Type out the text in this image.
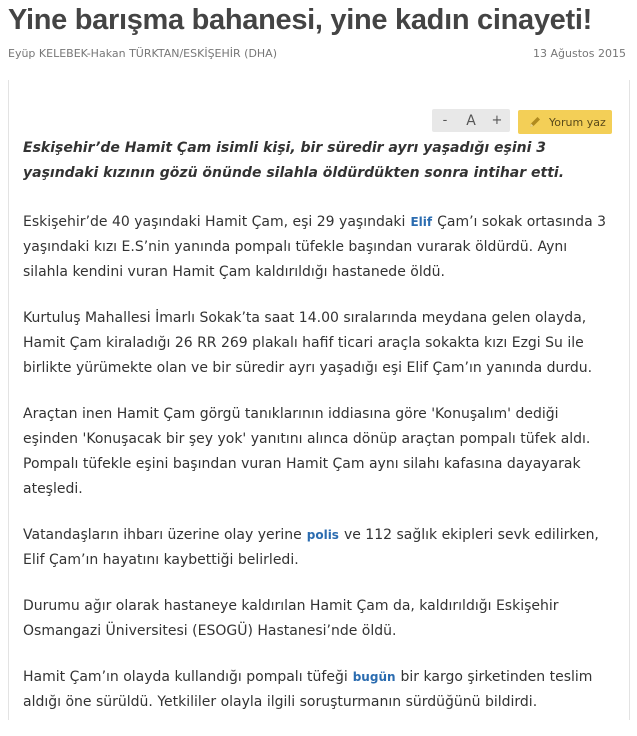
Yine barışma bahanesi, yine kadın cinayeti!
Eyüp KELEBEK-Hakan TÜRKTAN/ESKİŞEHİR (DHA)	13 Ağustos 2015
-	A	+	Yorum yaz

Eskişehir’de Hamit Çam isimli kişi, bir süredir ayrı yaşadığı eşini 3 yaşındaki kızının gözü önünde silahla öldürdükten sonra intihar etti.

Eskişehir’de 40 yaşındaki Hamit Çam, eşi 29 yaşındaki Elif Çam’ı sokak ortasında 3 yaşındaki kızı E.S’nin yanında pompalı tüfekle başından vurarak öldürdü. Aynı silahla kendini vuran Hamit Çam kaldırıldığı hastanede öldü.

Kurtuluş Mahallesi İmarlı Sokak’ta saat 14.00 sıralarında meydana gelen olayda, Hamit Çam kiraladığı 26 RR 269 plakalı hafif ticari araçla sokakta kızı Ezgi Su ile birlikte yürümekte olan ve bir süredir ayrı yaşadığı eşi Elif Çam’ın yanında durdu.

Araçtan inen Hamit Çam görgü tanıklarının iddiasına göre 'Konuşalım' dediği eşinden 'Konuşacak bir şey yok' yanıtını alınca dönüp araçtan pompalı tüfek aldı. Pompalı tüfekle eşini başından vuran Hamit Çam aynı silahı kafasına dayayarak ateşledi.

Vatandaşların ihbarı üzerine olay yerine polis ve 112 sağlık ekipleri sevk edilirken, Elif Çam’ın hayatını kaybettiği belirledi.

Durumu ağır olarak hastaneye kaldırılan Hamit Çam da, kaldırıldığı Eskişehir Osmangazi Üniversitesi (ESOGÜ) Hastanesi’nde öldü.

Hamit Çam’ın olayda kullandığı pompalı tüfeği bugün bir kargo şirketinden teslim aldığı öne sürüldü. Yetkililer olayla ilgili soruşturmanın sürdüğünü bildirdi.
